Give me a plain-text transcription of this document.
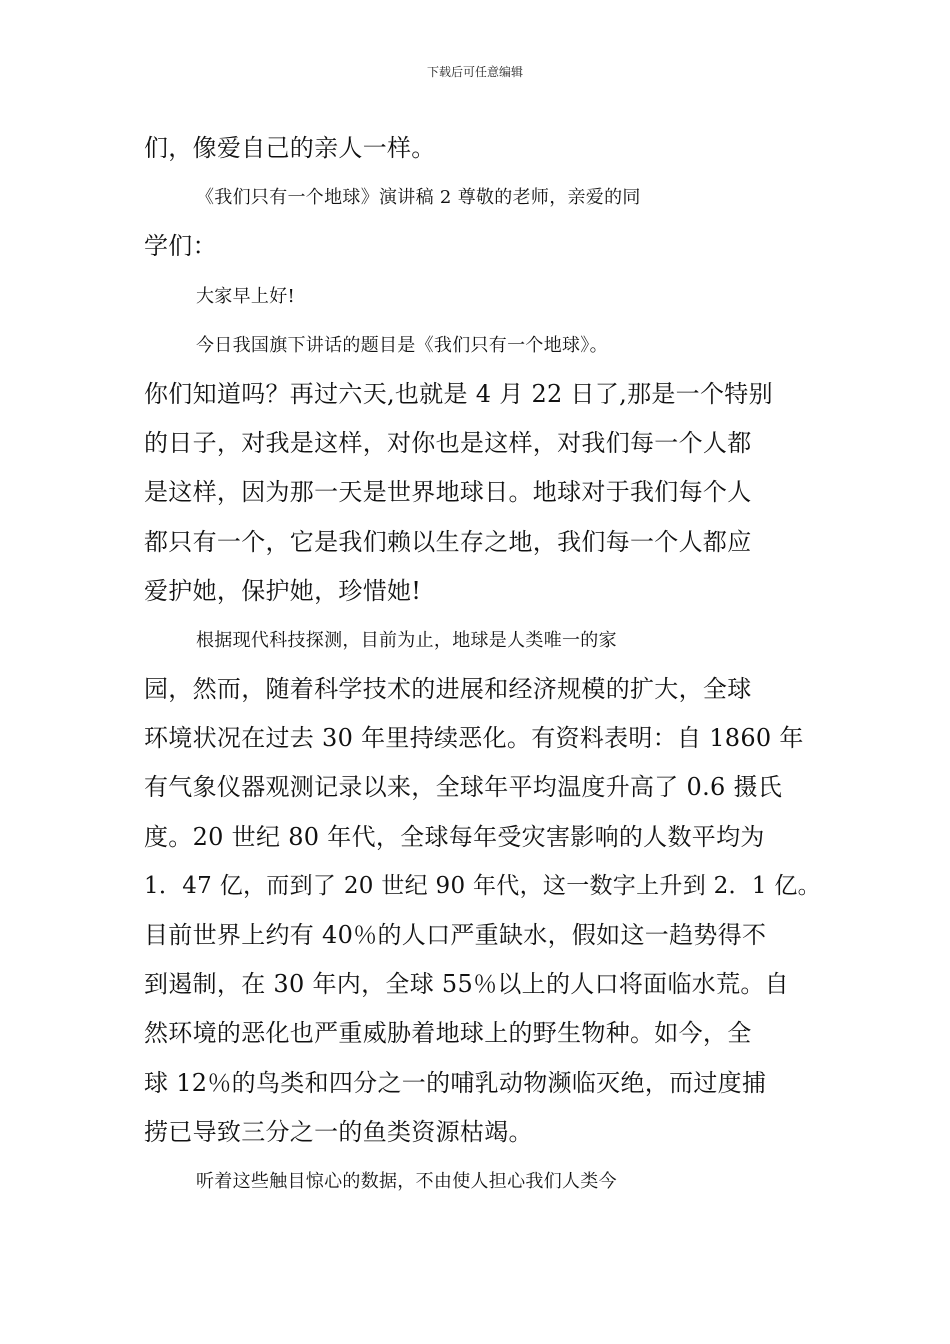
下载后可任意编辑
们，像爱自己的亲人一样。
《我们只有一个地球》演讲稿 2 尊敬的老师，亲爱的同
学们：
大家早上好!
今日我国旗下讲话的题目是《我们只有一个地球》。
你们知道吗？再过六天,也就是 4 月 22 日了,那是一个特别
的日子，对我是这样，对你也是这样，对我们每一个人都
是这样，因为那一天是世界地球日。地球对于我们每个人
都只有一个，它是我们赖以生存之地，我们每一个人都应
爱护她，保护她，珍惜她!
根据现代科技探测，目前为止，地球是人类唯一的家
园，然而，随着科学技术的进展和经济规模的扩大，全球
环境状况在过去 30 年里持续恶化。有资料表明：自 1860 年
有气象仪器观测记录以来，全球年平均温度升高了 0.6 摄氏
度。20 世纪 80 年代，全球每年受灾害影响的人数平均为
1．47 亿，而到了 20 世纪 90 年代，这一数字上升到 2．1 亿。
目前世界上约有 40％的人口严重缺水，假如这一趋势得不
到遏制，在 30 年内，全球 55％以上的人口将面临水荒。自
然环境的恶化也严重威胁着地球上的野生物种。如今，全
球 12％的鸟类和四分之一的哺乳动物濒临灭绝，而过度捕
捞已导致三分之一的鱼类资源枯竭。
听着这些触目惊心的数据，不由使人担心我们人类今
